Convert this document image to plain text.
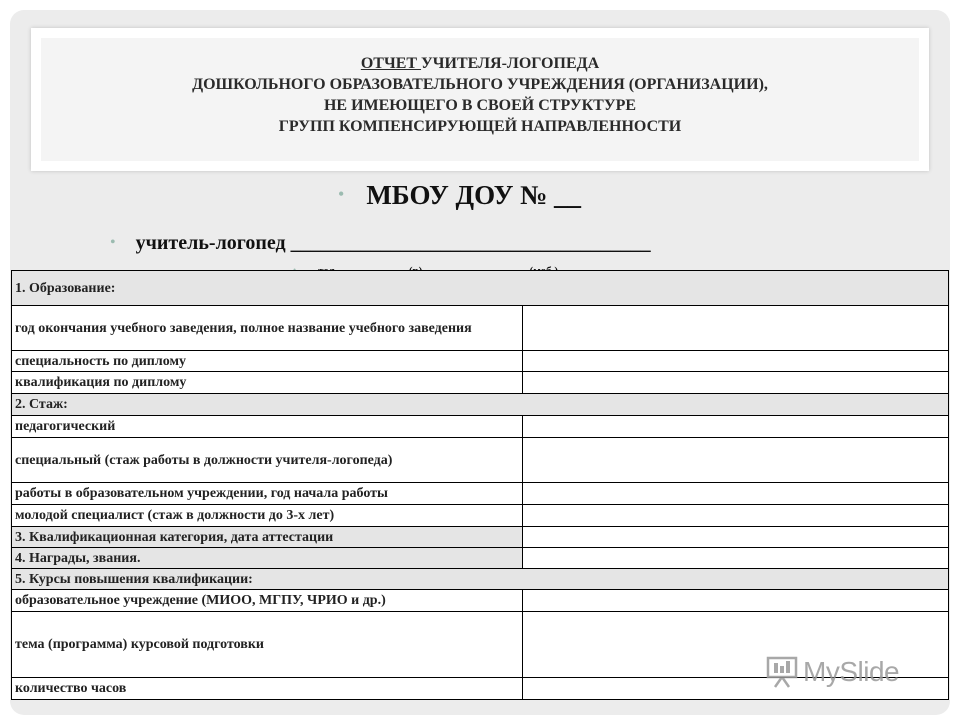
ОТЧЕТ УЧИТЕЛЯ-ЛОГОПЕДА
ДОШКОЛЬНОГО ОБРАЗОВАТЕЛЬНОГО УЧРЕЖДЕНИЯ (ОРГАНИЗАЦИИ),
НЕ ИМЕЮЩЕГО В СВОЕЙ СТРУКТУРЕ
ГРУПП КОМПЕНСИРУЮЩЕЙ НАПРАВЛЕННОСТИ
• МБОУ ДОУ № __
• учитель-логопед ____________________________________
1. Образование:	
год окончания учебного заведения, полное название учебного заведения	
специальность по диплому	
квалификация по диплому	
2. Стаж:	
педагогический	
специальный (стаж работы в должности учителя-логопеда)	
работы в образовательном учреждении, год начала работы	
молодой специалист (стаж в должности до 3-х лет)	
3. Квалификационная категория, дата аттестации	
4. Награды, звания.	
5. Курсы повышения квалификации:	
образовательное учреждение (МИОО, МГПУ, ЧРИО и др.)	
тема (программа) курсовой подготовки	
количество часов	
MySlide
